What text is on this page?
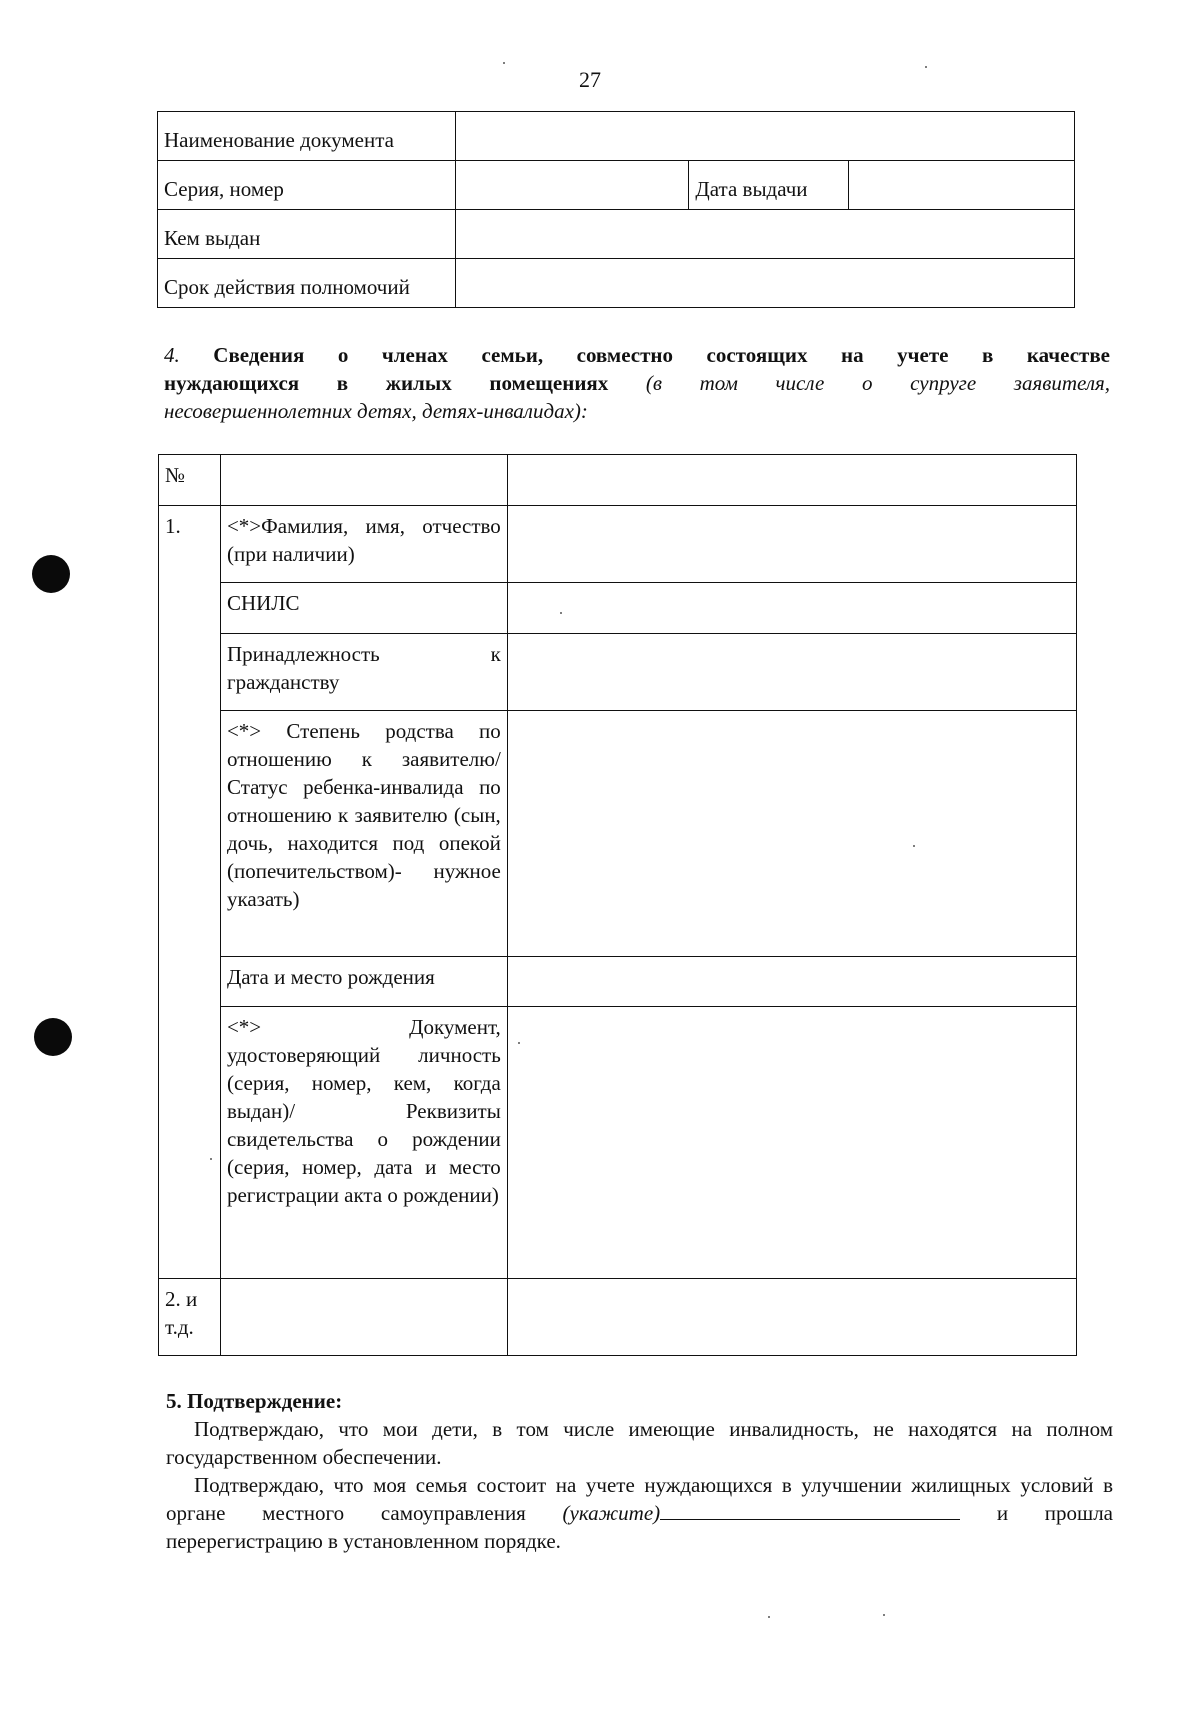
27
Наименование документа			
Серия, номер		Дата выдачи	
Кем выдан			
Срок действия полномочий			
4. Сведения о членах семьи, совместно состоящих на учете в качестве
нуждающихся в жилых помещениях (в том числе о супруге заявителя,
несовершеннолетних детях, детях-инвалидах):
№		
1.	<*>Фамилия, имя, отчество (при наличии)	
	СНИЛС	
	Принадлежность к гражданству	
	<*> Степень родства по отношению к заявителю/ Статус ребенка-инвалида по отношению к заявителю (сын, дочь, находится под опекой (попечительством)- нужное указать)	
	Дата и место рождения	
	<*> Документ, удостоверяющий личность (серия, номер, кем, когда выдан)/ Реквизиты свидетельства о рождении (серия, номер, дата и место регистрации акта о рождении)	
2. и т.д.		

5. Подтверждение:

Подтверждаю, что мои дети, в том числе имеющие инвалидность, не находятся на полном государственном обеспечении.

Подтверждаю, что моя семья состоит на учете нуждающихся в улучшении жилищных условий в органе местного самоуправления (укажите)	и прошла перерегистрацию в установленном порядке.
